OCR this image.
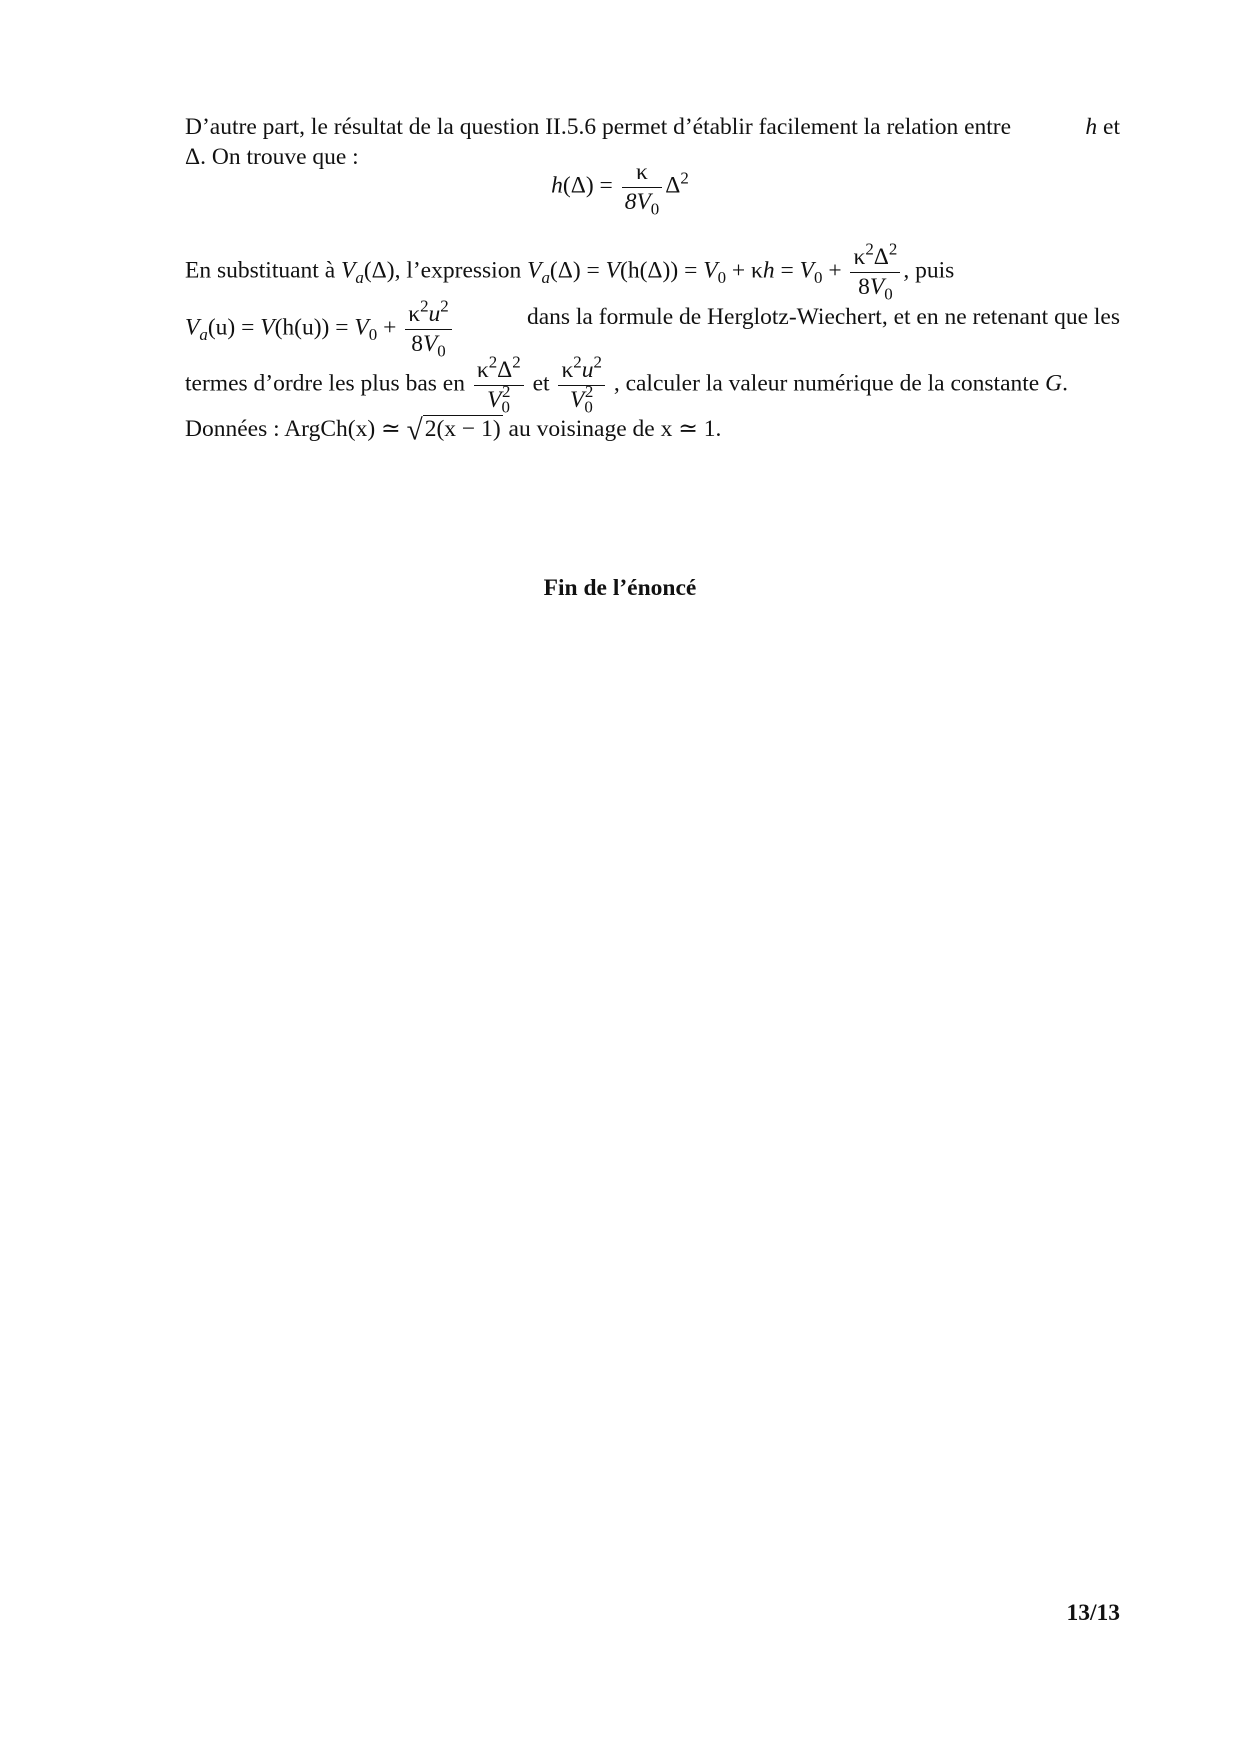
D’autre part, le résultat de la question II.5.6 permet d’établir facilement la relation entre	h et
Δ. On trouve que :
$h(\Delta) = \frac{\kappa}{8V_0} \Delta^2$
En substituant à $V_a(\Delta)$, l’expression $V_a(\Delta) = V(h(\Delta)) = V_0 + \kappa h = V_0 + \frac{\kappa^2\Delta^2}{8V_0}$ , puis
$V_a(u) = V(h(u)) = V_0 + \frac{\kappa^2u^2}{8V_0}$	dans la formule de Herglotz-Wiechert, et en ne retenant que les
termes d’ordre les plus bas en $\frac{\kappa^2\Delta^2}{V_0^2}$ et $\frac{\kappa^2u^2}{V_0^2}$ , calculer la valeur numérique de la constante G.
Données : ArgCh(x) ≃ √2(x − 1) au voisinage de x ≃ 1.
Fin de l’énoncé
13/13
